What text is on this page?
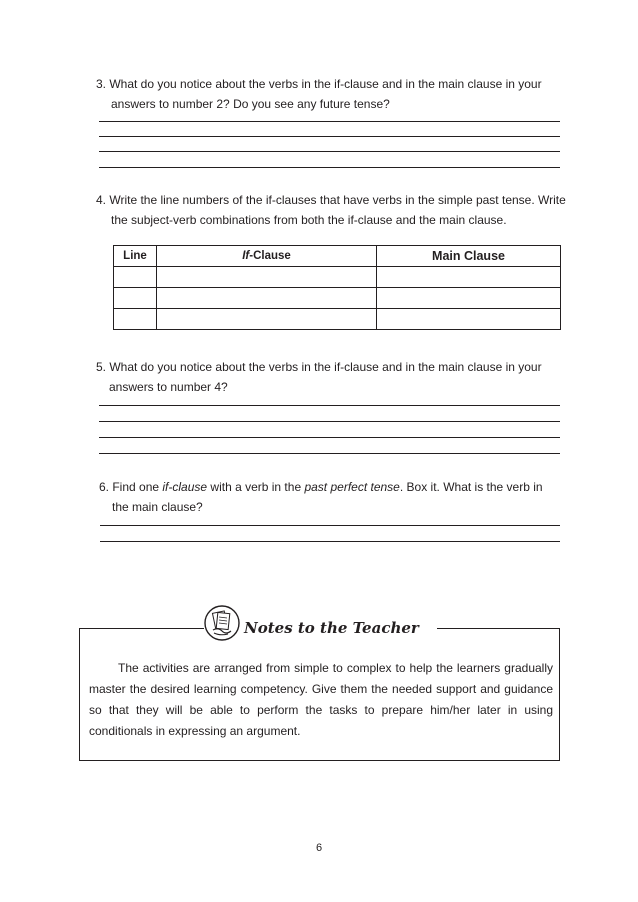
3. What do you notice about the verbs in the if-clause and in the main clause in your
answers to number 2? Do you see any future tense?
4. Write the line numbers of the if-clauses that have verbs in the simple past tense. Write
the subject-verb combinations from both the if-clause and the main clause.
Line	If-Clause	Main Clause

5. What do you notice about the verbs in the if-clause and in the main clause in your
answers to number 4?
6. Find one if-clause with a verb in the past perfect tense. Box it. What is the verb in
the main clause?
Notes to the Teacher

The activities are arranged from simple to complex to help the learners gradually master the desired learning competency. Give them the needed support and guidance so that they will be able to perform the tasks to prepare him/her later in using conditionals in expressing an argument.

6
